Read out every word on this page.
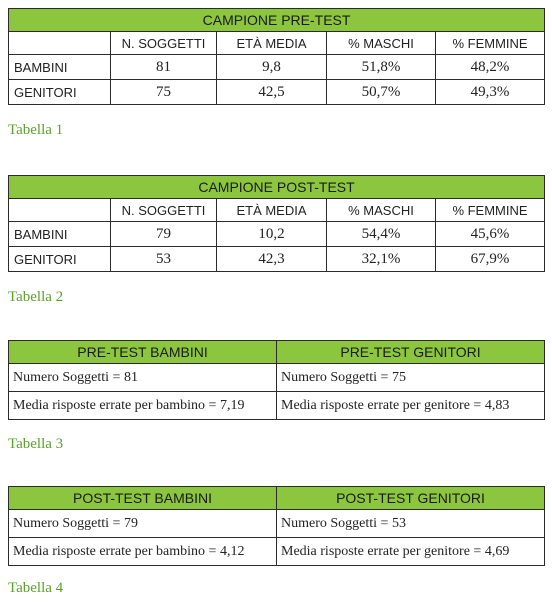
CAMPIONE PRE-TEST				
	N. SOGGETTI	ETÀ MEDIA	% MASCHI	% FEMMINE
BAMBINI	81	9,8	51,8%	48,2%
GENITORI	75	42,5	50,7%	49,3%
Tabella 1
CAMPIONE POST-TEST				
	N. SOGGETTI	ETÀ MEDIA	% MASCHI	% FEMMINE
BAMBINI	79	10,2	54,4%	45,6%
GENITORI	53	42,3	32,1%	67,9%
Tabella 2
PRE-TEST BAMBINI	PRE-TEST GENITORI
Numero Soggetti = 81	Numero Soggetti = 75
Media risposte errate per bambino = 7,19	Media risposte errate per genitore = 4,83
Tabella 3
POST-TEST BAMBINI	POST-TEST GENITORI
Numero Soggetti = 79	Numero Soggetti = 53
Media risposte errate per bambino = 4,12	Media risposte errate per genitore = 4,69
Tabella 4
